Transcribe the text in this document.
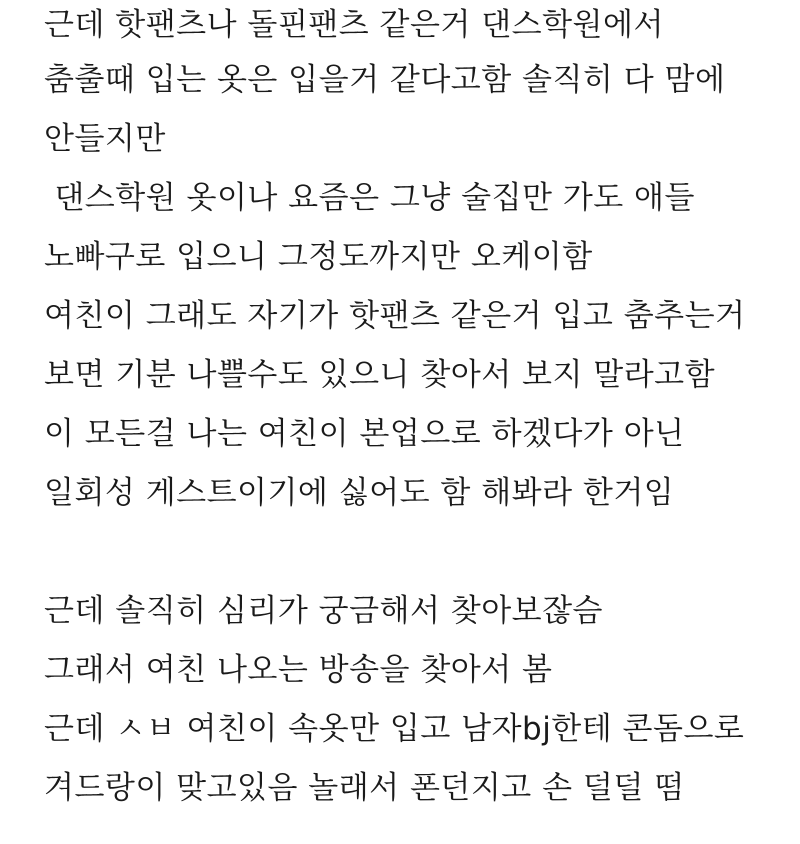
근데 핫팬츠나 돌핀팬츠 같은거 댄스학원에서
춤출때 입는 옷은 입을거 같다고함 솔직히 다 맘에
안들지만
댄스학원 옷이나 요즘은 그냥 술집만 가도 애들
노빠구로 입으니 그정도까지만 오케이함
여친이 그래도 자기가 핫팬츠 같은거 입고 춤추는거
보면 기분 나쁠수도 있으니 찾아서 보지 말라고함
이 모든걸 나는 여친이 본업으로 하겠다가 아닌
일회성 게스트이기에 싫어도 함 해봐라 한거임
근데 솔직히 심리가 궁금해서 찾아보잖슴
그래서 여친 나오는 방송을 찾아서 봄
근데 ㅅㅂ 여친이 속옷만 입고 남자bj한테 콘돔으로
겨드랑이 맞고있음 놀래서 폰던지고 손 덜덜 떰
